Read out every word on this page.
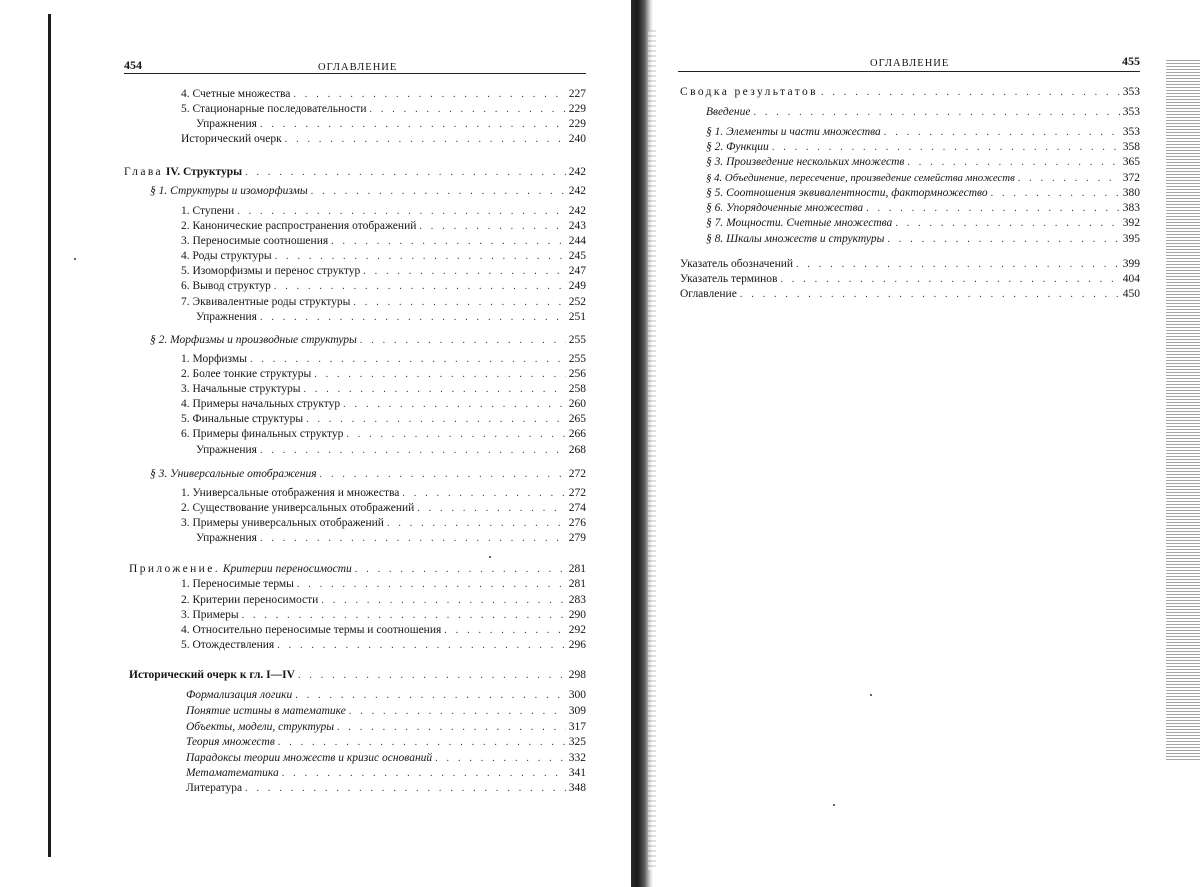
454	ОГЛАВЛЕНИЕ
4. Счетные множества . . .	227
5. Стационарные последовательности . . .	229
Упражнения . . .	229
Исторический очерк . . .	240
Глава IV. Структуры . . .	242
§ 1. Структуры и изоморфизмы . . .	242
1. Ступени . . .	242
2. Канонические распространения отображений . . .	243
3. Переносимые соотношения . . .	244
4. Роды структуры . . .	245
5. Изоморфизмы и перенос структур . . .	247
6. Вывод структур . . .	249
7. Эквивалентные роды структуры . . .	252
Упражнения . . .	251
§ 2. Морфизмы и производные структуры . . .	255
1. Морфизмы . . .	255
2. Более тонкие структуры . . .	256
3. Начальные структуры . . .	258
4. Примеры начальных структур . . .	260
5. Финальные структуры . . .	265
6. Примеры финальных структур . . .	266
Упражнения . . .	268
§ 3. Универсальные отображения . . .	272
1. Универсальные отображения и множества . . .	272
2. Существование универсальных отображений . . .	274
3. Примеры универсальных отображений . . .	276
Упражнения . . .	279
Приложение. Критерии переносимости . . .	281
1. Переносимые термы . . .	281
2. Критерии переносимости . . .	283
3. Примеры . . .	290
4. Относительно переносимые термы и соотношения . . .	292
5. Отождествления . . .	296
Исторический очерк к гл. I—IV . . .	298
Формализация логики . . .	300
Понятие истины в математике . . .	309
Объекты, модели, структуры . . .	317
Теория множеств . . .	325
Парадоксы теории множеств и кризис оснований . . .	332
Метаматематика . . .	341
Литература . . .	348
ОГЛАВЛЕНИЕ	455
Сводка результатов . . .	353
Введение . . .	353
§ 1. Элементы и части множества . . .	353
§ 2. Функции . . .	358
§ 3. Произведение нескольких множеств . . .	365
§ 4. Объединение, пересечение, произведение семейства множеств . . .	372
§ 5. Соотношения эквивалентности, фактормножество . . .	380
§ 6. Упорядоченные множества . . .	383
§ 7. Мощности. Счетные множества . . .	392
§ 8. Шкалы множеств и структуры . . .	395
Указатель обозначений . . .	399
Указатель терминов . . .	404
Оглавление . . .	450
